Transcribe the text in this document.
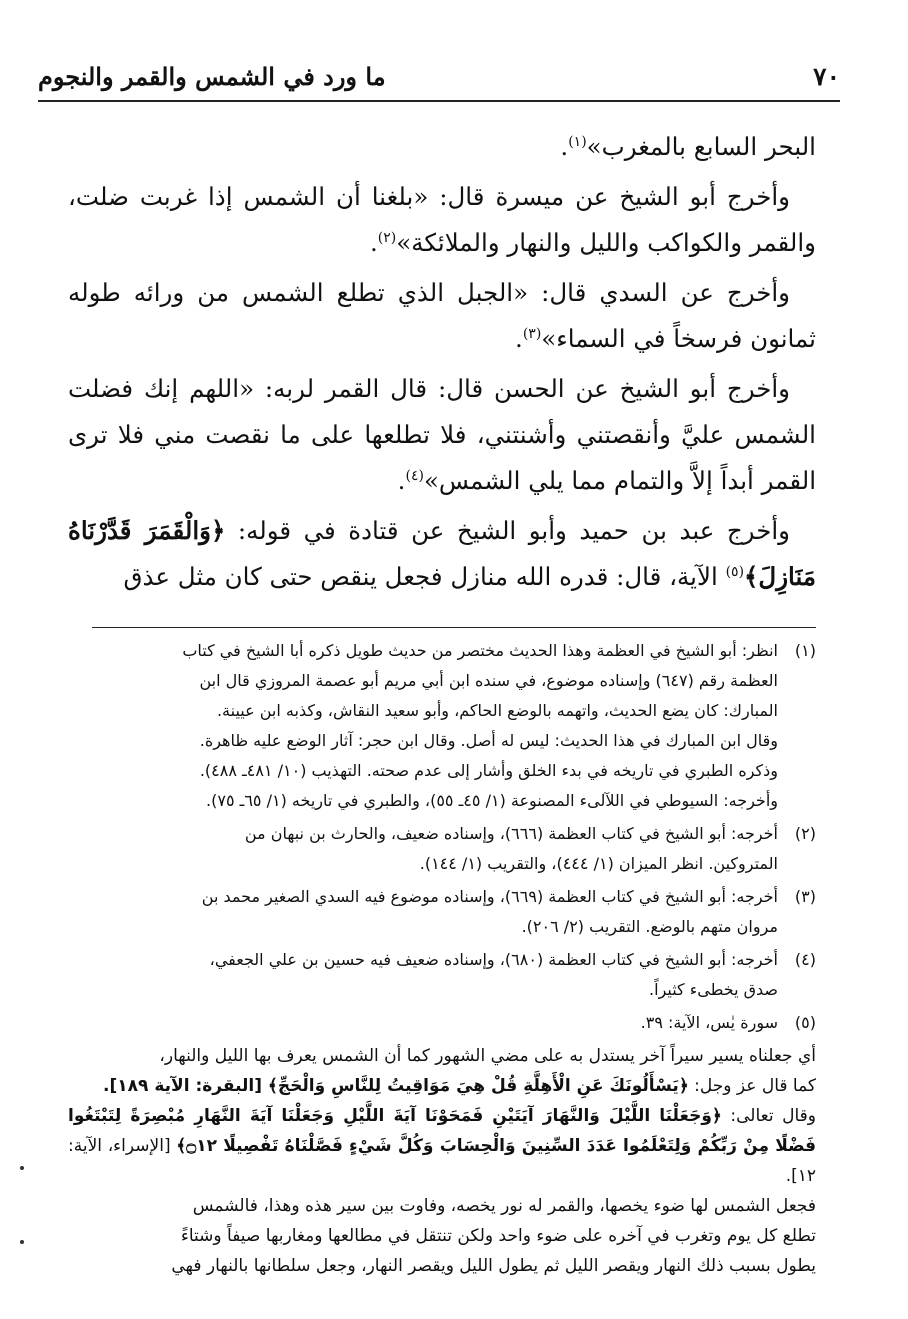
٧٠
ما ورد في الشمس والقمر والنجوم

البحر السابع بالمغرب»$^{(١)}$.

وأخرج أبو الشيخ عن ميسرة قال: «بلغنا أن الشمس إذا غربت ضلت، والقمر والكواكب والليل والنهار والملائكة»$^{(٢)}$.

وأخرج عن السدي قال: «الجبل الذي تطلع الشمس من ورائه طوله ثمانون فرسخاً في السماء»$^{(٣)}$.

وأخرج أبو الشيخ عن الحسن قال: قال القمر لربه: «اللهم إنك فضلت الشمس عليَّ وأنقصتني وأشنتني، فلا تطلعها على ما نقصت مني فلا ترى القمر أبداً إلاَّ والتمام مما يلي الشمس»$^{(٤)}$.

وأخرج عبد بن حميد وأبو الشيخ عن قتادة في قوله: ﴿وَالْقَمَرَ قَدَّرْنَاهُ مَنَازِلَ﴾$^{(٥)}$ الآية، قال: قدره الله منازل فجعل ينقص حتى كان مثل عذق

(١)
انظر: أبو الشيخ في العظمة وهذا الحديث مختصر من حديث طويل ذكره أبا الشيخ في كتاب
العظمة رقم (٦٤٧) وإسناده موضوع، في سنده ابن أبي مريم أبو عصمة المروزي قال ابن
المبارك: كان يضع الحديث، واتهمه بالوضع الحاكم، وأبو سعيد النقاش، وكذبه ابن عيينة.
وقال ابن المبارك في هذا الحديث: ليس له أصل. وقال ابن حجر: آثار الوضع عليه ظاهرة.
وذكره الطبري في تاريخه في بدء الخلق وأشار إلى عدم صحته. التهذيب (١٠/ ٤٨١ـ ٤٨٨).
وأخرجه: السيوطي في اللآلىء المصنوعة (١/ ٤٥ـ ٥٥)، والطبري في تاريخه (١/ ٦٥ـ ٧٥).
(٢)
أخرجه: أبو الشيخ في كتاب العظمة (٦٦٦)، وإسناده ضعيف، والحارث بن نبهان من
المتروكين. انظر الميزان (١/ ٤٤٤)، والتقريب (١/ ١٤٤).
(٣)
أخرجه: أبو الشيخ في كتاب العظمة (٦٦٩)، وإسناده موضوع فيه السدي الصغير محمد بن
مروان متهم بالوضع. التقريب (٢/ ٢٠٦).
(٤)
أخرجه: أبو الشيخ في كتاب العظمة (٦٨٠)، وإسناده ضعيف فيه حسين بن علي الجعفي،
صدق يخطىء كثيراً.
(٥)
سورة يٰس، الآية: ٣٩.
أي جعلناه يسير سيراً آخر يستدل به على مضي الشهور كما أن الشمس يعرف بها الليل والنهار،
كما قال عز وجل: ﴿يَسْأَلُونَكَ عَنِ الْأَهِلَّةِ قُلْ هِيَ مَوَاقِيتُ لِلنَّاسِ وَالْحَجِّ﴾ [البقرة: الآية ١٨٩].
وقال تعالى: ﴿وَجَعَلْنَا اللَّيْلَ وَالنَّهَارَ آيَتَيْنِ فَمَحَوْنَا آيَةَ اللَّيْلِ وَجَعَلْنَا آيَةَ النَّهَارِ مُبْصِرَةً لِتَبْتَغُوا فَضْلًا مِنْ رَبِّكُمْ وَلِتَعْلَمُوا عَدَدَ السِّنِينَ وَالْحِسَابَ وَكُلَّ شَيْءٍ فَصَّلْنَاهُ تَفْصِيلًا ۝١٢﴾ [الإسراء، الآية: ١٢].
فجعل الشمس لها ضوء يخصها، والقمر له نور يخصه، وفاوت بين سير هذه وهذا، فالشمس
تطلع كل يوم وتغرب في آخره على ضوء واحد ولكن تنتقل في مطالعها ومغاربها صيفاً وشتاءً
يطول بسبب ذلك النهار ويقصر الليل ثم يطول الليل ويقصر النهار، وجعل سلطانها بالنهار فهي
